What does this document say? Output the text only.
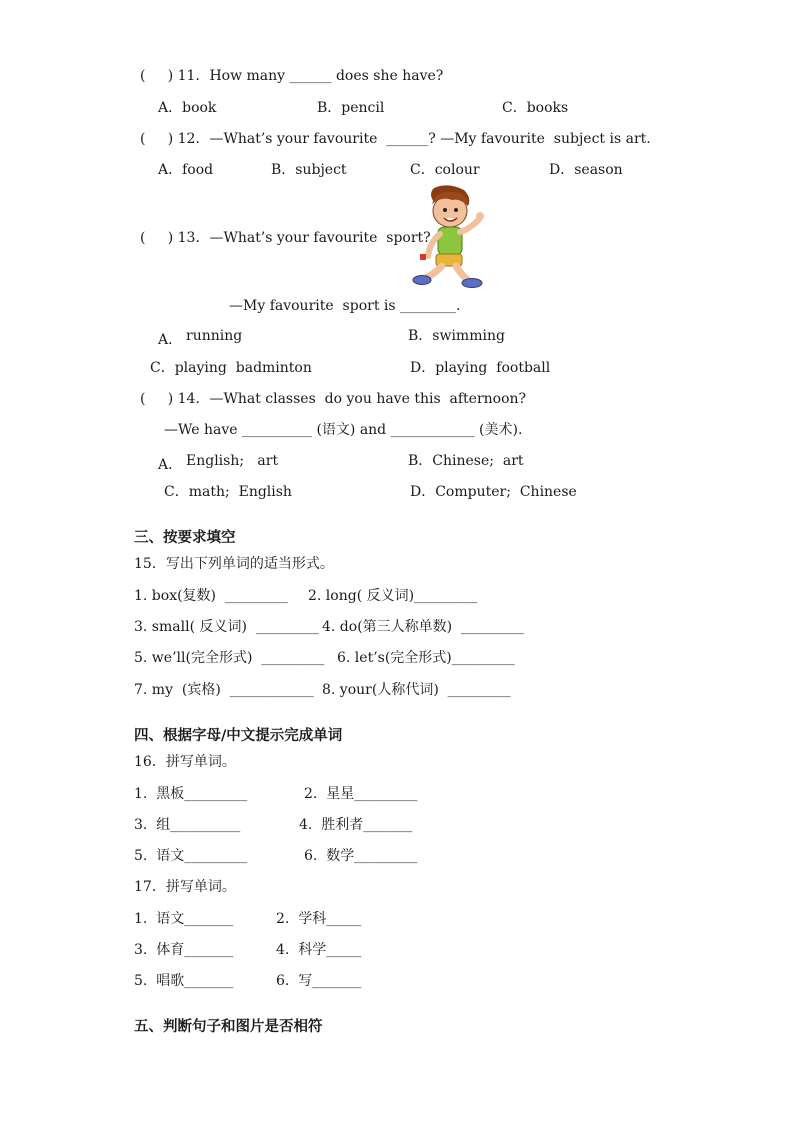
(     ) 11．How many ______ does she have?
A．book	B．pencil	C．books
(     ) 12．—What’s your favourite  ______? —My favourite  subject is art.
A．food	B．subject	C．colour	D．season
(     ) 13．—What’s your favourite  sport?
—My favourite  sport is ________.
A． running	B．swimming
C．playing  badminton	D．playing  football
(     ) 14．—What classes  do you have this  afternoon?
—We have __________ (语文) and ____________ (美术).
A． English;   art	B．Chinese;  art
C．math;  English	D．Computer;  Chinese
三、按要求填空
15．写出下列单词的适当形式。
1. box(复数)  _________ 2. long( 反义词)_________
3. small( 反义词)  _________ 4. do(第三人称单数)  _________
5. we’ll(完全形式)  _________ 6. let’s(完全形式)_________
7. my  (宾格)  ____________ 8. your(人称代词)  _________
四、根据字母/中文提示完成单词
16．拼写单词。
1.  黑板_________	2.  星星_________
3.  组__________	4.  胜利者_______
5.  语文_________	6.  数学_________
17．拼写单词。
1.  语文_______	2.  学科_____
3.  体育_______	4.  科学_____
5.  唱歌_______	6.  写_______
五、判断句子和图片是否相符
